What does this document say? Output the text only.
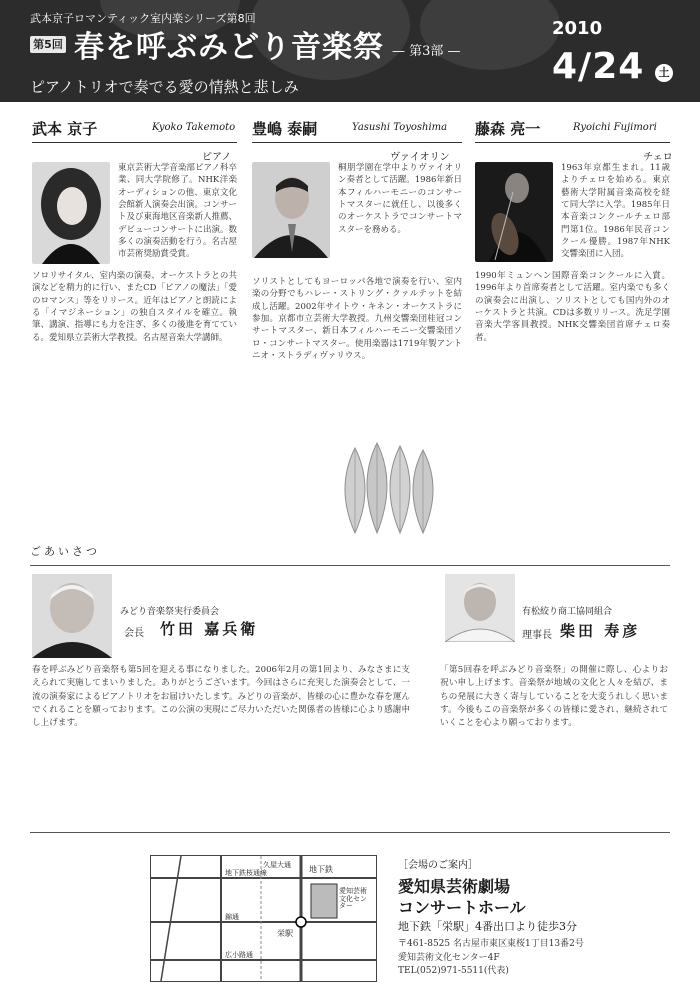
武本京子ロマンティック室内楽シリーズ第8回
第5回 春を呼ぶみどり音楽祭 — 第3部 —
ピアノトリオで奏でる愛の情熱と悲しみ
2010
4/24	土
武本 京子	Kyoko Takemoto
ピアノ
東京芸術大学音楽部ピアノ科卒業、同大学院修了。NHK洋楽オーディションの他、東京文化会館新人演奏会出演。コンサート及び東海地区音楽新人推薦、デビューコンサートに出演。数多くの演奏活動を行う。名古屋市芸術奨励賞受賞。
ソロリサイタル、室内楽の演奏、オーケストラとの共演などを精力的に行い、またCD「ピアノの魔法」「愛のロマンス」等をリリース。近年はピアノと朗読による「イマジネーション」の独自スタイルを確立。執筆、講演、指導にも力を注ぎ、多くの後進を育てている。愛知県立芸術大学教授。名古屋音楽大学講師。
豊嶋 泰嗣	Yasushi Toyoshima
ヴァイオリン
桐朋学園在学中よりヴァイオリン奏者として活躍。1986年新日本フィルハーモニーのコンサートマスターに就任し、以後多くのオーケストラでコンサートマスターを務める。
ソリストとしてもヨーロッパ各地で演奏を行い、室内楽の分野でもハレー・ストリング・クァルテットを結成し活躍。2002年サイトウ・キネン・オーケストラに参加。京都市立芸術大学教授。九州交響楽団桂冠コンサートマスター、新日本フィルハーモニー交響楽団ソロ・コンサートマスター。使用楽器は1719年製アントニオ・ストラディヴァリウス。
藤森 亮一	Ryoichi Fujimori
チェロ
1963年京都生まれ。11歳よりチェロを始める。東京藝術大学附属音楽高校を経て同大学に入学。1985年日本音楽コンクールチェロ部門第1位。1986年民音コンクール優勝。1987年NHK交響楽団に入団。
1990年ミュンヘン国際音楽コンクールに入賞。1996年より首席奏者として活躍。室内楽でも多くの演奏会に出演し、ソリストとしても国内外のオーケストラと共演。CDは多数リリース。洗足学園音楽大学客員教授。NHK交響楽団首席チェロ奏者。
ごあいさつ
みどり音楽祭実行委員会
会長 竹田 嘉兵衛
春を呼ぶみどり音楽祭も第5回を迎える事になりました。2006年2月の第1回より、みなさまに支えられて実施してまいりました。ありがとうございます。今回はさらに充実した演奏会として、一流の演奏家によるピアノトリオをお届けいたします。みどりの音楽が、皆様の心に豊かな春を運んでくれることを願っております。この公演の実現にご尽力いただいた関係者の皆様に心より感謝申し上げます。
有松絞り商工協同組合
理事長 柴田 寿彦
「第5回春を呼ぶみどり音楽祭」の開催に際し、心よりお祝い申し上げます。音楽祭が地域の文化と人々を結び、まちの発展に大きく寄与していることを大変うれしく思います。今後もこの音楽祭が多くの皆様に愛され、継続されていくことを心より願っております。
地下鉄
栄駅
愛知芸術文化センター
錦通
広小路通
久屋大通
地下鉄桜通線
［会場のご案内］
愛知県芸術劇場
コンサートホール
地下鉄「栄駅」4番出口より徒歩3分
〒461-8525 名古屋市東区東桜1丁目13番2号
愛知芸術文化センター4F
TEL(052)971-5511(代表)
